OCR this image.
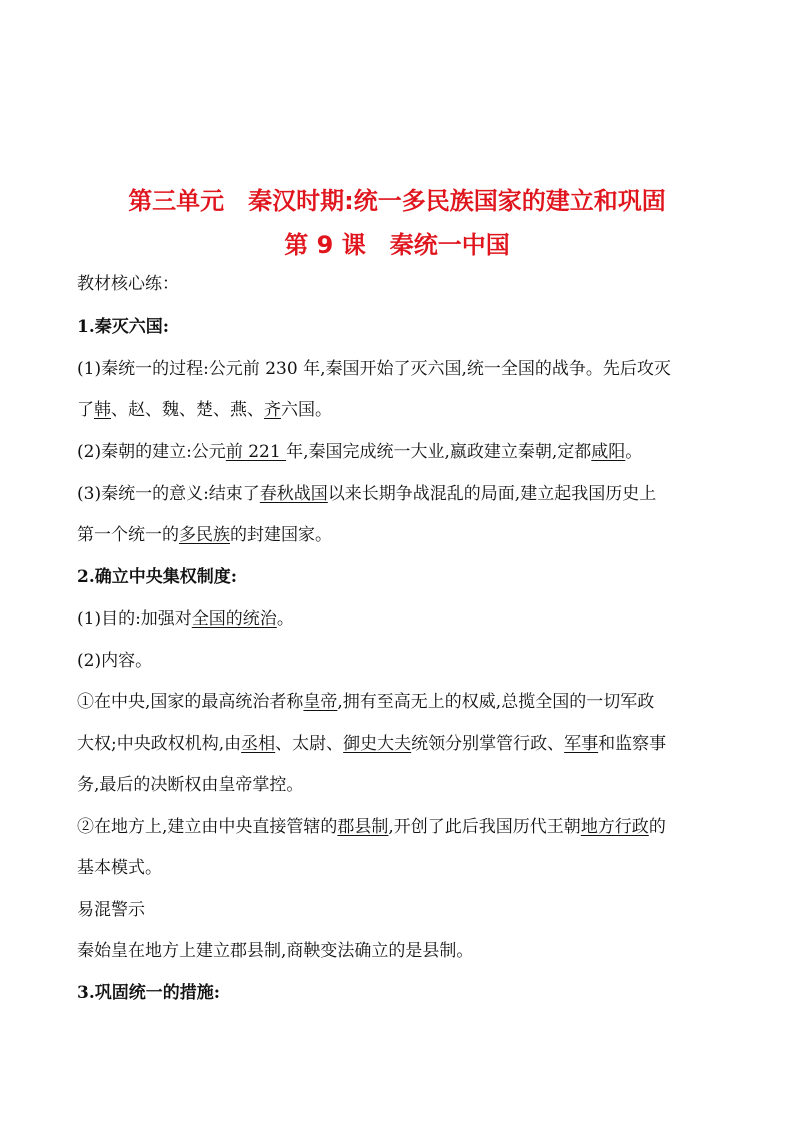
第三单元　秦汉时期:统一多民族国家的建立和巩固
第 9 课　秦统一中国
教材核心练：
1.秦灭六国:
(1)秦统一的过程:公元前 230 年,秦国开始了灭六国,统一全国的战争。先后攻灭
了韩、赵、魏、楚、燕、齐六国。
(2)秦朝的建立:公元前 221 年,秦国完成统一大业,嬴政建立秦朝,定都咸阳。
(3)秦统一的意义:结束了春秋战国以来长期争战混乱的局面,建立起我国历史上
第一个统一的多民族的封建国家。
2.确立中央集权制度:
(1)目的:加强对全国的统治。
(2)内容。
①在中央,国家的最高统治者称皇帝,拥有至高无上的权威,总揽全国的一切军政
大权;中央政权机构,由丞相、太尉、御史大夫统领分别掌管行政、军事和监察事
务,最后的决断权由皇帝掌控。
②在地方上,建立由中央直接管辖的郡县制,开创了此后我国历代王朝地方行政的
基本模式。
易混警示
秦始皇在地方上建立郡县制,商鞅变法确立的是县制。
3.巩固统一的措施:
